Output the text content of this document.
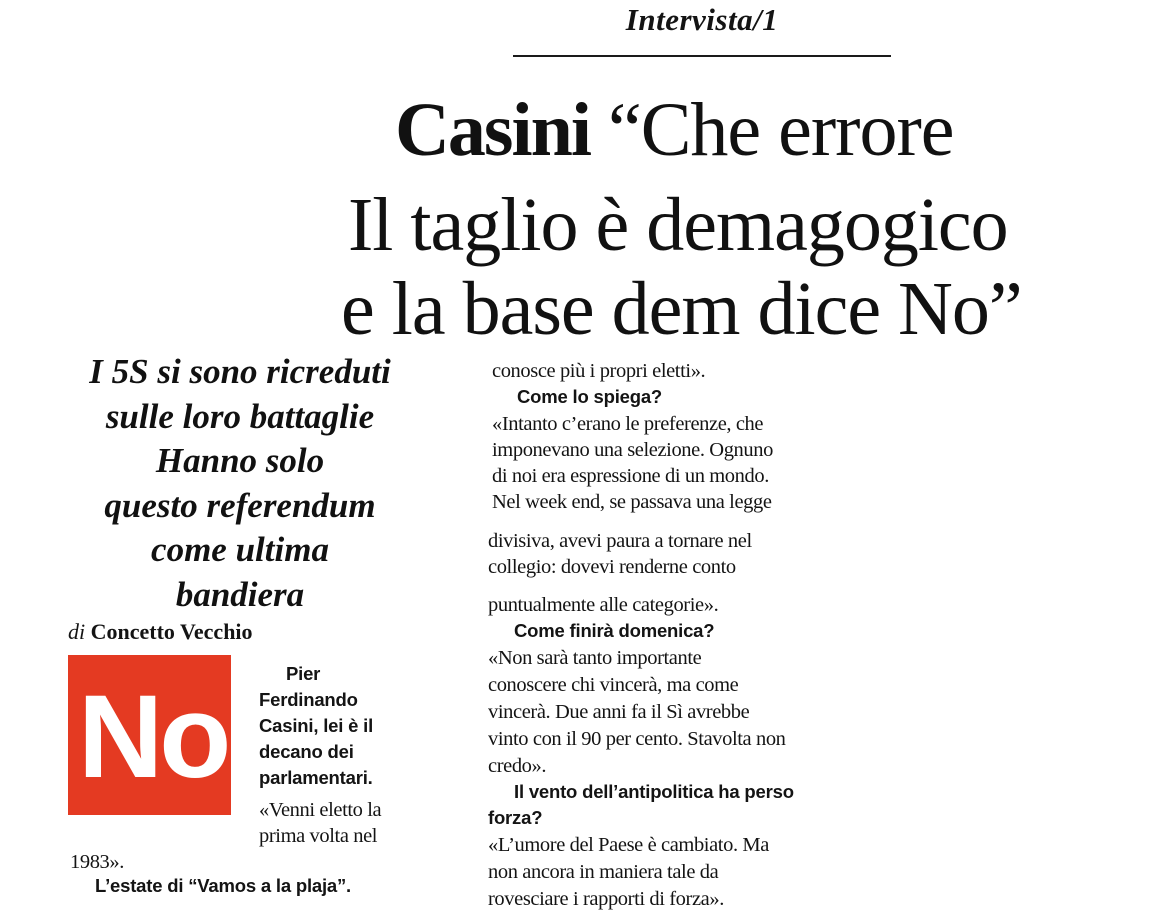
Intervista/1
Casini “Che errore
Il taglio è demagogico
e la base dem dice No”
I 5S si sono ricreduti
sulle loro battaglie
Hanno solo
questo referendum
come ultima
bandiera
di Concetto Vecchio
No	Pier
Ferdinando
Casini, lei è il
decano dei
parlamentari.
«Venni eletto la
prima volta nel
1983».
L’estate di “Vamos a la plaja”.
conosce più i propri eletti».
Come lo spiega?
«Intanto c’erano le preferenze, che
imponevano una selezione. Ognuno
di noi era espressione di un mondo.
Nel week end, se passava una legge
divisiva, avevi paura a tornare nel
collegio: dovevi renderne conto
puntualmente alle categorie».
Come finirà domenica?
«Non sarà tanto importante
conoscere chi vincerà, ma come
vincerà. Due anni fa il Sì avrebbe
vinto con il 90 per cento. Stavolta non
credo».
Il vento dell’antipolitica ha perso
forza?
«L’umore del Paese è cambiato. Ma
non ancora in maniera tale da
rovesciare i rapporti di forza».
